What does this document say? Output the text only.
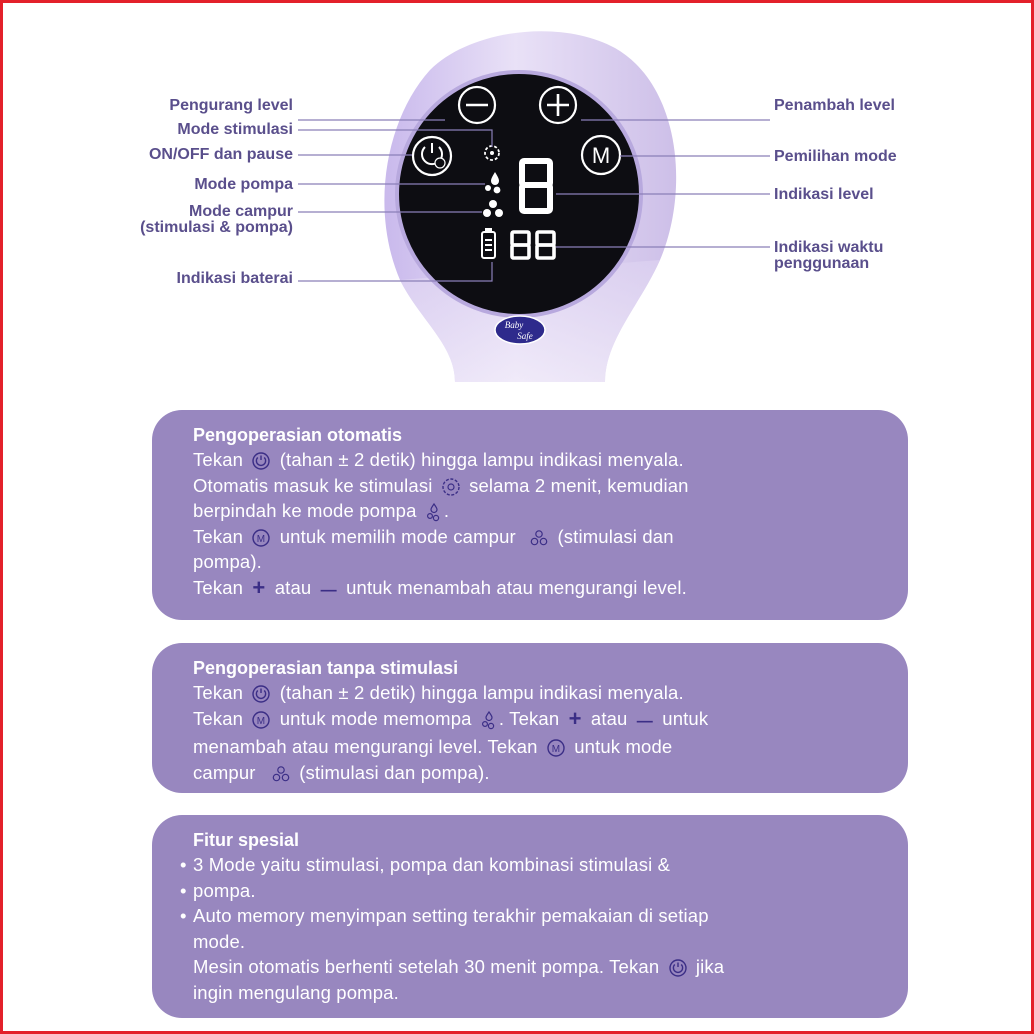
M
Baby
Safe
Pengurang level
Mode stimulasi
ON/OFF dan pause
Mode pompa
Mode campur
(stimulasi & pompa)
Indikasi baterai
Penambah level
Pemilihan mode
Indikasi level
Indikasi waktu
penggunaan
Pengoperasian otomatis
Tekan (tahan ± 2 detik) hingga lampu indikasi menyala.
Otomatis masuk ke stimulasi selama 2 menit, kemudian
berpindah ke mode pompa .
Tekan M untuk memilih mode campur (stimulasi dan
pompa).
Tekan + atau — untuk menambah atau mengurangi level.
Pengoperasian tanpa stimulasi
Tekan (tahan ± 2 detik) hingga lampu indikasi menyala.
Tekan M untuk mode memompa . Tekan + atau — untuk
menambah atau mengurangi level. Tekan M untuk mode
campur (stimulasi dan pompa).
Fitur spesial
• 3 Mode yaitu stimulasi, pompa dan kombinasi stimulasi &
• pompa.
• Auto memory menyimpan setting terakhir pemakaian di setiap
mode.
Mesin otomatis berhenti setelah 30 menit pompa. Tekan jika
ingin mengulang pompa.
